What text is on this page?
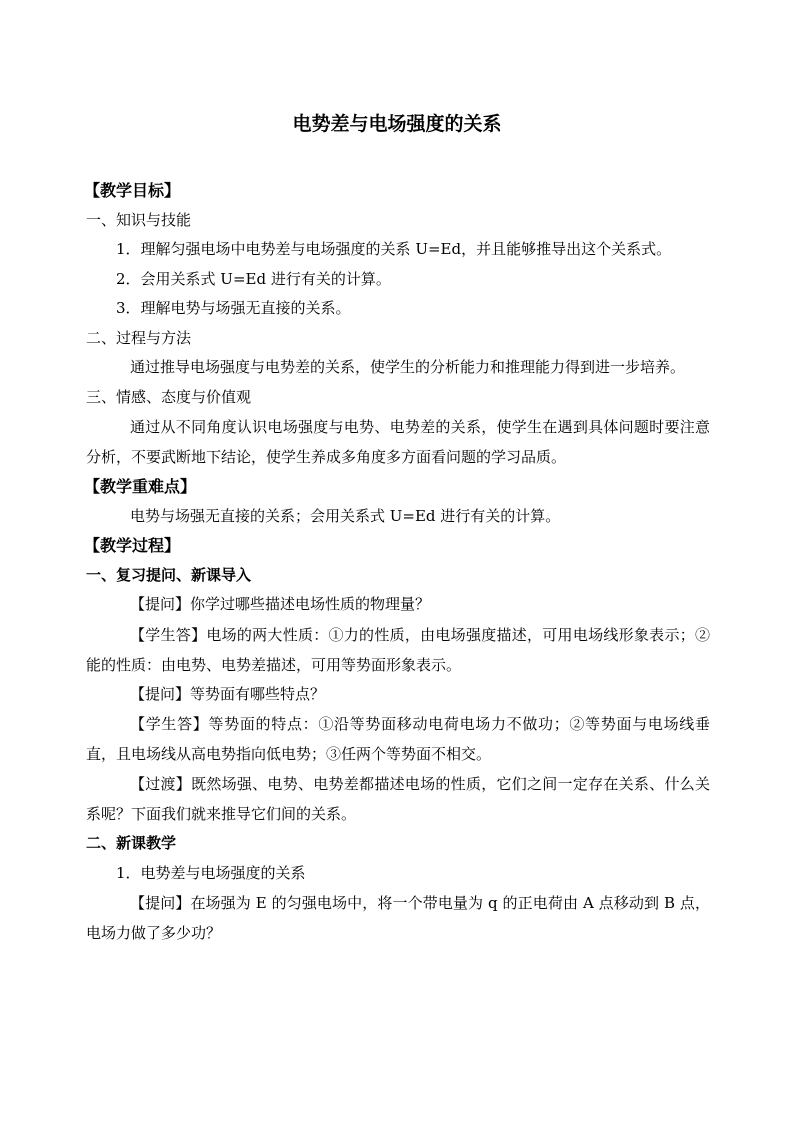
电势差与电场强度的关系
【教学目标】
一、知识与技能
1．理解匀强电场中电势差与电场强度的关系 U=Ed，并且能够推导出这个关系式。
2．会用关系式 U=Ed 进行有关的计算。
3．理解电势与场强无直接的关系。
二、过程与方法
通过推导电场强度与电势差的关系，使学生的分析能力和推理能力得到进一步培养。
三、情感、态度与价值观
通过从不同角度认识电场强度与电势、电势差的关系，使学生在遇到具体问题时要注意分析，不要武断地下结论，使学生养成多角度多方面看问题的学习品质。
【教学重难点】
电势与场强无直接的关系；会用关系式 U=Ed 进行有关的计算。
【教学过程】
一、复习提问、新课导入
【提问】你学过哪些描述电场性质的物理量？
【学生答】电场的两大性质：①力的性质，由电场强度描述，可用电场线形象表示；②能的性质：由电势、电势差描述，可用等势面形象表示。
【提问】等势面有哪些特点？
【学生答】等势面的特点：①沿等势面移动电荷电场力不做功；②等势面与电场线垂直，且电场线从高电势指向低电势；③任两个等势面不相交。
【过渡】既然场强、电势、电势差都描述电场的性质，它们之间一定存在关系、什么关系呢？下面我们就来推导它们间的关系。
二、新课教学
1．电势差与电场强度的关系
【提问】在场强为 E 的匀强电场中，将一个带电量为 q 的正电荷由 A 点移动到 B 点，电场力做了多少功？
